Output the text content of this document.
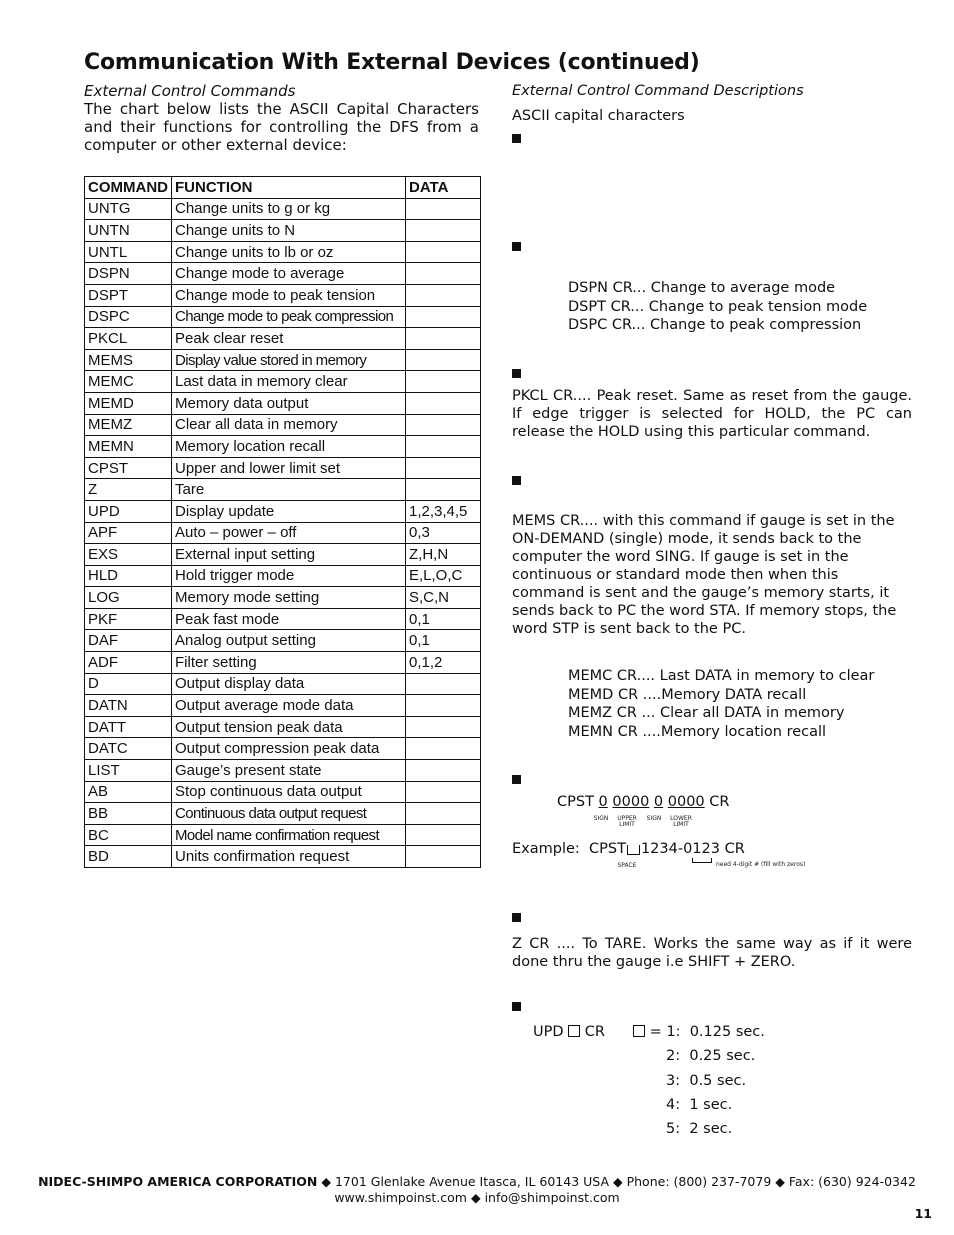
Communication With External Devices (continued)
External Control Commands
The chart below lists the ASCII Capital Characters and their functions for controlling the DFS from a computer or other external device:
COMMAND	FUNCTION	DATA
UNTG	Change units to g or kg	
UNTN	Change units to N	
UNTL	Change units to lb or oz	
DSPN	Change mode to average	
DSPT	Change mode to peak tension	
DSPC	Change mode to peak compression	
PKCL	Peak clear reset	
MEMS	Display value stored in memory	
MEMC	Last data in memory clear	
MEMD	Memory data output	
MEMZ	Clear all data in memory	
MEMN	Memory location recall	
CPST	Upper and lower limit set	
Z	Tare	
UPD	Display update	1,2,3,4,5
APF	Auto – power – off	0,3
EXS	External input setting	Z,H,N
HLD	Hold trigger mode	E,L,O,C
LOG	Memory mode setting	S,C,N
PKF	Peak fast mode	0,1
DAF	Analog output setting	0,1
ADF	Filter setting	0,1,2
D	Output display data	
DATN	Output average mode data	
DATT	Output tension peak data	
DATC	Output compression peak data	
LIST	Gauge’s present state	
AB	Stop continuous data output	
BB	Continuous data output request	
BC	Model name confirmation request	
BD	Units confirmation request	
External Control Command Descriptions
ASCII capital characters
DSPN CR... Change to average mode
DSPT CR... Change to peak tension mode
DSPC CR... Change to peak compression
PKCL CR.... Peak reset. Same as reset from the gauge. If edge trigger is selected for HOLD, the PC can release the HOLD using this particular command.
MEMS CR.... with this command if gauge is set in the ON-DEMAND (single) mode, it sends back to the computer the word SING. If gauge is set in the continuous or standard mode then when this command is sent and the gauge’s memory starts, it sends back to PC the word STA. If memory stops, the word STP is sent back to the PC.
MEMC CR.... Last DATA in memory to clear
MEMD CR ....Memory DATA recall
MEMZ CR ... Clear all DATA in memory
MEMN CR ....Memory location recall
CPST 0 0000 0 0000 CR
SIGN	UPPER LIMIT
SIGN	LOWER LIMIT
Example:  CPST 1234-0123 CR
SPACE	need 4-digit # (fill with zeros)
Z CR .... To TARE. Works the same way as if it were done thru the gauge i.e SHIFT + ZERO.
UPD CR	= 1: 0.125 sec.
2: 0.25 sec.
3: 0.5 sec.
4: 1 sec.
5: 2 sec.
NIDEC-SHIMPO AMERICA CORPORATION ◆ 1701 Glenlake Avenue Itasca, IL 60143 USA ◆ Phone: (800) 237-7079 ◆ Fax: (630) 924-0342
www.shimpoinst.com ◆ info@shimpoinst.com
11
